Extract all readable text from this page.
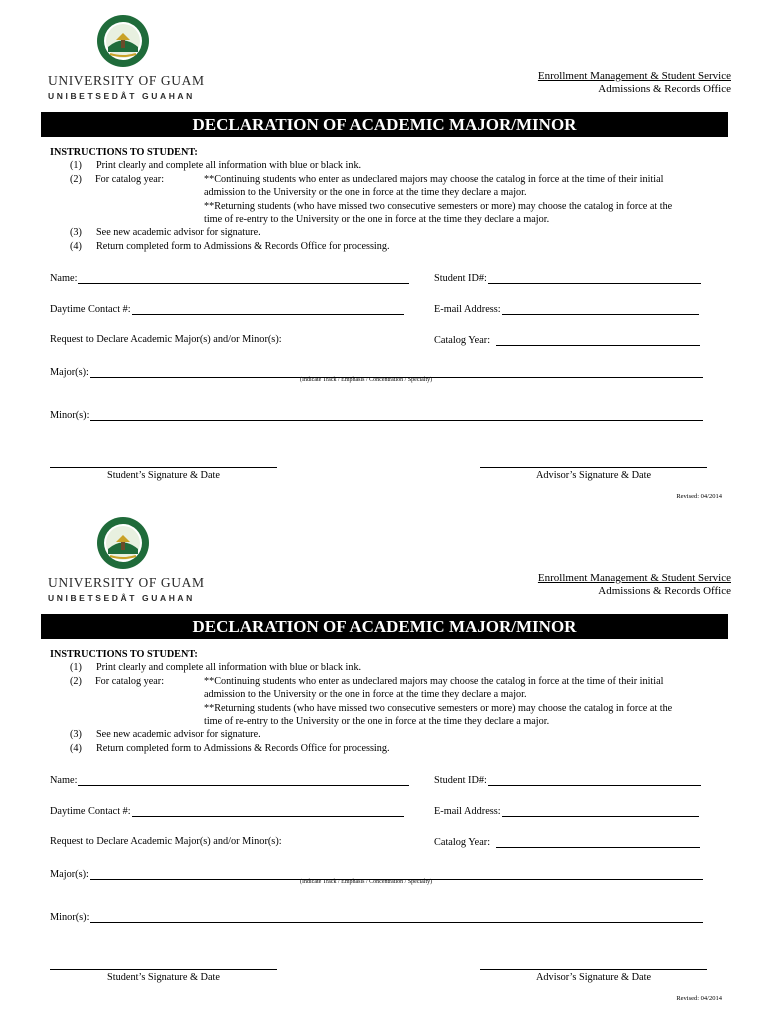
UNIVERSITY OF GUAM
UNIBETSEDÅT GUAHAN
Enrollment Management & Student Service
Admissions & Records Office
DECLARATION OF ACADEMIC MAJOR/MINOR
INSTRUCTIONS TO STUDENT:
(1)	Print clearly and complete all information with blue or black ink.
(2) For catalog year:	**Continuing students who enter as undeclared majors may choose the catalog in force at the time of their initial
admission to the University or the one in force at the time they declare a major.
**Returning students (who have missed two consecutive semesters or more) may choose the catalog in force at the
time of re-entry to the University or the one in force at the time they declare a major.
(3)	See new academic advisor for signature.
(4)	Return completed form to Admissions & Records Office for processing.
Name:	Student ID#:
Daytime Contact #:	E-mail Address:
Request to Declare Academic Major(s) and/or Minor(s):	Catalog Year:
Major(s):
(Indicate Track / Emphasis / Concentration / Specialty)
Minor(s):
Student’s Signature & Date	Advisor’s Signature & Date
Revised: 04/2014
UNIVERSITY OF GUAM
UNIBETSEDÅT GUAHAN
Enrollment Management & Student Service
Admissions & Records Office
DECLARATION OF ACADEMIC MAJOR/MINOR
INSTRUCTIONS TO STUDENT:
(1)	Print clearly and complete all information with blue or black ink.
(2) For catalog year:	**Continuing students who enter as undeclared majors may choose the catalog in force at the time of their initial
admission to the University or the one in force at the time they declare a major.
**Returning students (who have missed two consecutive semesters or more) may choose the catalog in force at the
time of re-entry to the University or the one in force at the time they declare a major.
(3)	See new academic advisor for signature.
(4)	Return completed form to Admissions & Records Office for processing.
Name:	Student ID#:
Daytime Contact #:	E-mail Address:
Request to Declare Academic Major(s) and/or Minor(s):	Catalog Year:
Major(s):
(Indicate Track / Emphasis / Concentration / Specialty)
Minor(s):
Student’s Signature & Date	Advisor’s Signature & Date
Revised: 04/2014
